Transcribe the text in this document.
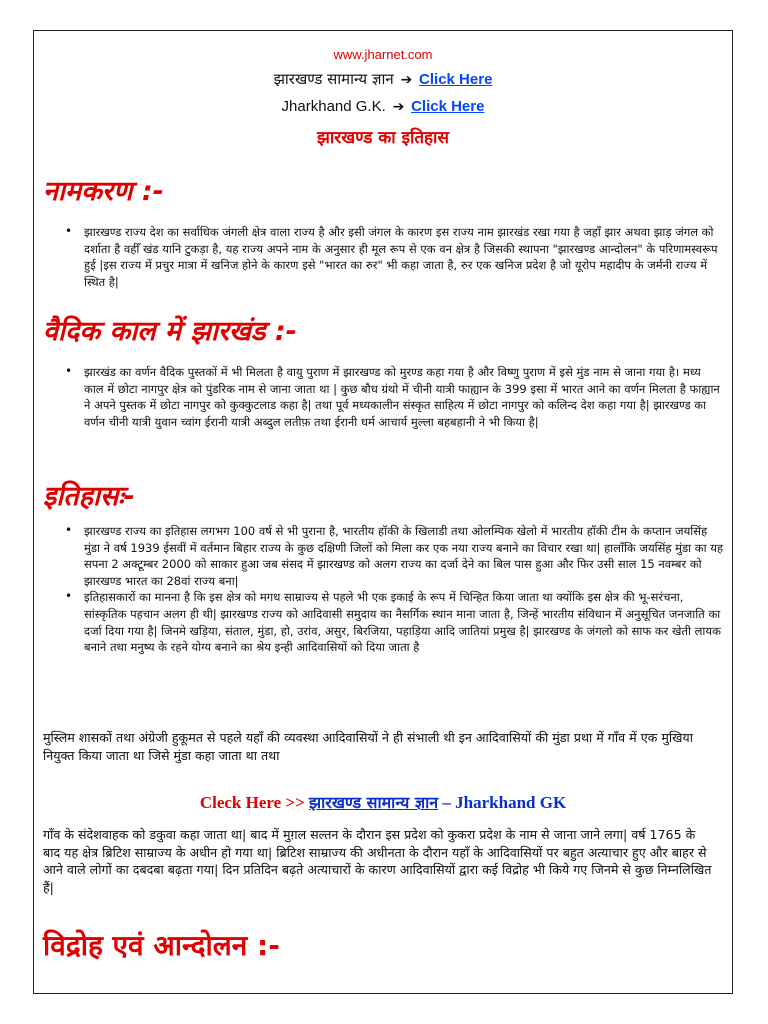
www.jharnet.com
झारखण्ड सामान्य ज्ञान ➔ Click Here
Jharkhand G.K. ➔ Click Here
झारखण्ड का इतिहास
नामकरण :-
• झारखण्ड राज्य देश का सर्वाधिक जंगली क्षेत्र वाला राज्य है और इसी जंगल के कारण इस राज्य नाम झारखंड रखा गया है जहाँ झार अथवा झाड़ जंगल को दर्शाता है वहीँ खंड यानि टुकड़ा है, यह राज्य अपने नाम के अनुसार ही मूल रूप से एक वन क्षेत्र है जिसकी स्थापना "झारखण्ड आन्दोलन" के परिणामस्वरूप हुई |इस राज्य में प्रचुर मात्रा में खनिज होने के कारण इसे "भारत का रुर" भी कहा जाता है, रुर एक खनिज प्रदेश है जो यूरोप महादीप के जर्मनी राज्य में स्थित है|
वैदिक काल में झारखंड :-
• झारखंड का वर्णन वैदिक पुस्तकों में भी मिलता है वायु पुराण में झारखण्ड को मुरण्ड कहा गया है और विष्णु पुराण में इसे मुंड नाम से जाना गया है। मध्य काल में छोटा नागपुर क्षेत्र को पुंडरिक नाम से जाना जाता था | कुछ बौध ग्रंथो में चीनी यात्री फाह्यान के 399 इसा में भारत आने का वर्णन मिलता है फाह्यान ने अपने पुस्तक में छोटा नागपुर को कुक्कुटलाड कहा है| तथा पूर्व मध्यकालीन संस्कृत साहित्य में छोटा नागपुर को कलिन्द देश कहा गया है| झारखण्ड का वर्णन चीनी यात्री युवान च्वांग ईरानी यात्री अब्दुल लतीफ़ तथा ईरानी धर्म आचार्य मुल्ला बहबहानी ने भी किया है|
इतिहासः-
• झारखण्ड राज्य का इतिहास लगभग 100 वर्ष से भी पुराना है, भारतीय हॉकी के खिलाडी तथा ओलम्पिक खेलो में भारतीय हॉकी टीम के कप्तान जयसिंह मुंडा ने वर्ष 1939 ईसवीं में वर्तमान बिहार राज्य के कुछ दक्षिणी जिलों को मिला कर एक नया राज्य बनाने का विचार रखा था| हालाँकि जयसिंह मुंडा का यह सपना 2 अक्टूम्बर 2000 को साकार हुआ जब संसद में झारखण्ड को अलग राज्य का दर्जा देने का बिल पास हुआ और फिर उसी साल 15 नवम्बर को झारखण्ड भारत का 28वां राज्य बना|
• इतिहासकारों का मानना है कि इस क्षेत्र को मगध साम्राज्य से पहले भी एक इकाई के रूप में चिन्हित किया जाता था क्योंकि इस क्षेत्र की भू-सरंचना, सांस्कृतिक पहचान अलग ही थी| झारखण्ड राज्य को आदिवासी समुदाय का नैसर्गिक स्थान माना जाता है, जिन्हें भारतीय संविधान में अनुसूचित जनजाति का दर्जा दिया गया है| जिनमे खड़िया, संताल, मुंडा, हो, उरांव, असुर, बिरजिया, पहाड़िया आदि जातियां प्रमुख है| झारखण्ड के जंगलो को साफ कर खेती लायक बनाने तथा मनुष्य के रहने योग्य बनाने का श्रेय इन्ही आदिवासियों को दिया जाता है
मुस्लिम शासकों तथा अंग्रेजी हुकूमत से पहले यहाँ की व्यवस्था आदिवासियों ने ही संभाली थी इन आदिवासियों की मुंडा प्रथा में गाँव में एक मुखिया नियुक्त किया जाता था जिसे मुंडा कहा जाता था तथा
Cleck Here >> झारखण्ड सामान्य ज्ञान – Jharkhand GK
गाँव के संदेशवाहक को डकुवा कहा जाता था| बाद में मुग़ल सल्तन के दौरान इस प्रदेश को कुकरा प्रदेश के नाम से जाना जाने लगा| वर्ष 1765 के बाद यह क्षेत्र ब्रिटिश साम्राज्य के अधीन हो गया था| ब्रिटिश साम्राज्य की अधीनता के दौरान यहाँ के आदिवासियों पर बहुत अत्याचार हुए और बाहर से आने वाले लोगों का दबदबा बढ़ता गया| दिन प्रतिदिन बढ़ते अत्याचारों के कारण आदिवासियों द्वारा कई विद्रोह भी किये गए जिनमे से कुछ निम्नलिखित हैं|
विद्रोह एवं आन्दोलन :-
